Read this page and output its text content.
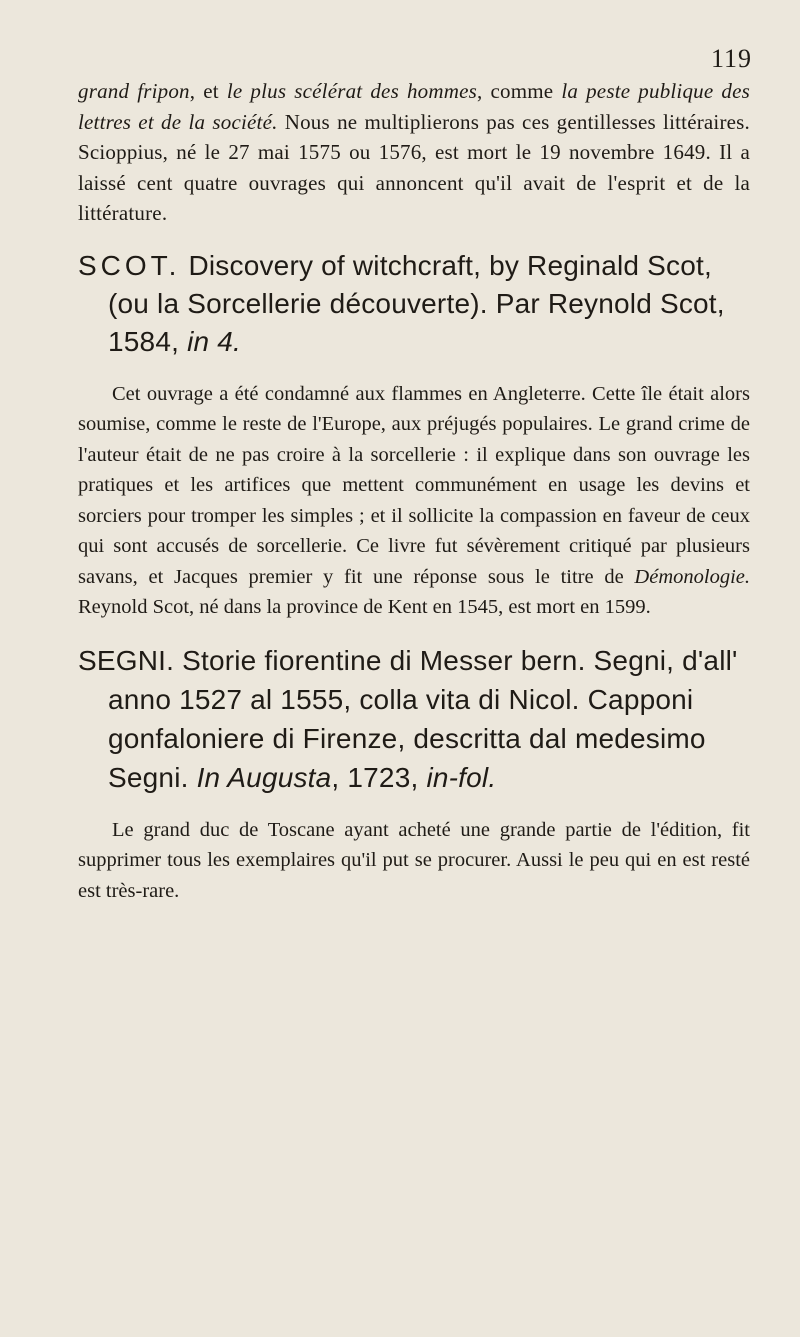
119

grand fripon, et le plus scélérat des hommes, comme la peste publique des lettres et de la société. Nous ne multiplierons pas ces gentillesses littéraires. Scioppius, né le 27 mai 1575 ou 1576, est mort le 19 novembre 1649. Il a laissé cent quatre ouvrages qui annoncent qu'il avait de l'esprit et de la littérature.

SCOT. Discovery of witchcraft, by Reginald Scot, (ou la Sorcellerie découverte). Par Reynold Scot, 1584, in 4.

Cet ouvrage a été condamné aux flammes en Angleterre. Cette île était alors soumise, comme le reste de l'Europe, aux préjugés populaires. Le grand crime de l'auteur était de ne pas croire à la sorcellerie : il explique dans son ouvrage les pratiques et les artifices que mettent communément en usage les devins et sorciers pour tromper les simples ; et il sollicite la compassion en faveur de ceux qui sont accusés de sorcellerie. Ce livre fut sévèrement critiqué par plusieurs savans, et Jacques premier y fit une réponse sous le titre de Démonologie. Reynold Scot, né dans la province de Kent en 1545, est mort en 1599.

SEGNI. Storie fiorentine di Messer bern. Segni, d'all' anno 1527 al 1555, colla vita di Nicol. Capponi gonfaloniere di Firenze, descritta dal medesimo Segni. In Augusta, 1723, in-fol.

Le grand duc de Toscane ayant acheté une grande partie de l'édition, fit supprimer tous les exemplaires qu'il put se procurer. Aussi le peu qui en est resté est très-rare.
